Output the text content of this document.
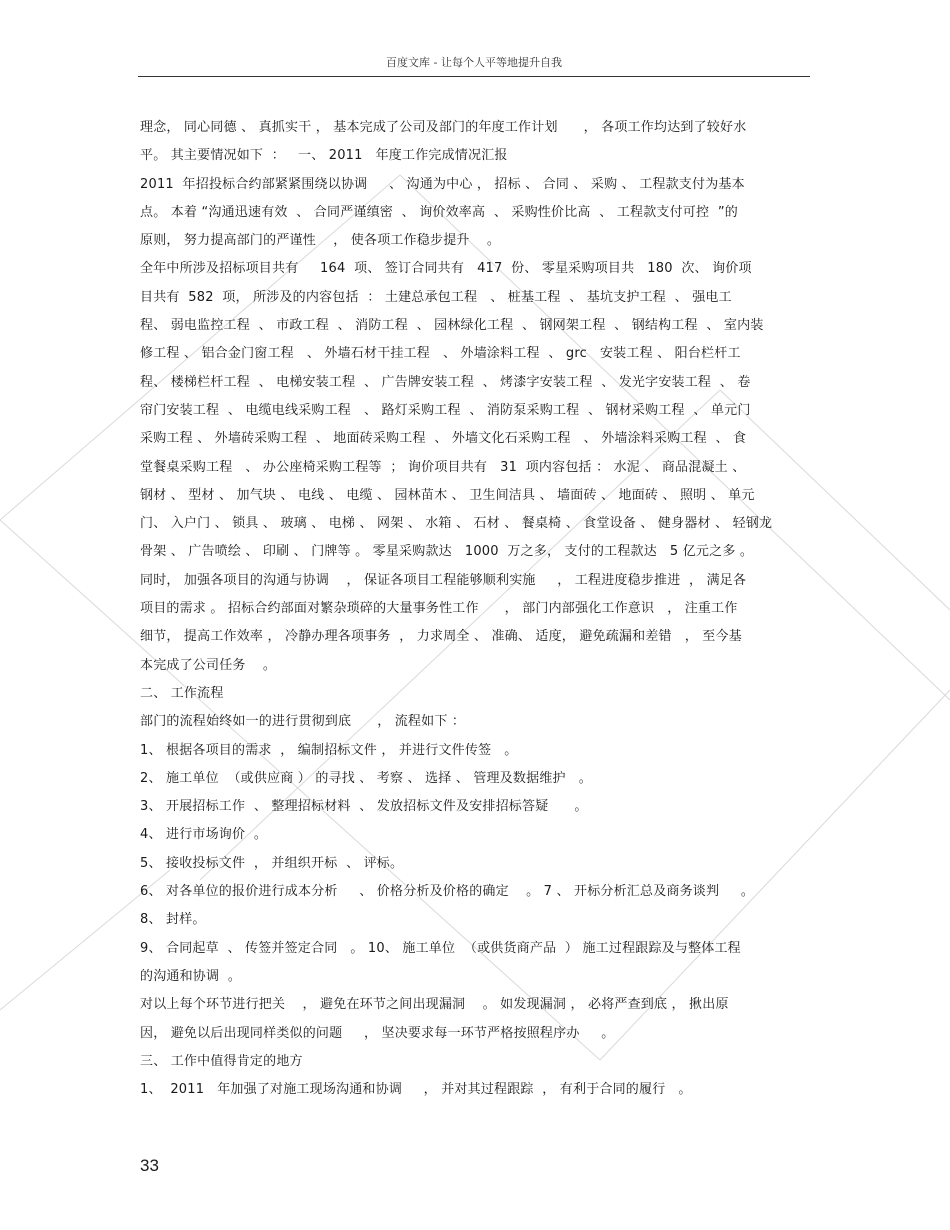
百度文库 - 让每个人平等地提升自我
理念， 同心同德 、 真抓实干 ， 基本完成了公司及部门的年度工作计划      ， 各项工作均达到了较好水
平。 其主要情况如下  ：   一、 2011   年度工作完成情况汇报
2011  年招投标合约部紧紧围绕以协调     、 沟通为中心 ， 招标 、 合同 、 采购 、 工程款支付为基本
点。 本着 “沟通迅速有效  、 合同严谨缜密  、 询价效率高  、 采购性价比高  、 工程款支付可控  ”的
原则， 努力提高部门的严谨性    ， 使各项工作稳步提升    。
全年中所涉及招标项目共有     164  项、 签订合同共有   417  份、 零星采购项目共   180  次、 询价项
目共有  582  项， 所涉及的内容包括  ： 土建总承包工程   、 桩基工程  、 基坑支护工程  、 强电工
程、 弱电监控工程  、 市政工程  、 消防工程  、 园林绿化工程  、 钢网架工程  、 钢结构工程  、 室内装
修工程 、 铝合金门窗工程   、 外墙石材干挂工程   、 外墙涂料工程  、 grc   安装工程 、 阳台栏杆工
程、 楼梯栏杆工程  、 电梯安装工程  、 广告牌安装工程  、 烤漆字安装工程  、 发光字安装工程  、 卷
帘门安装工程  、 电缆电线采购工程   、 路灯采购工程  、 消防泵采购工程  、 钢材采购工程  、 单元门
采购工程 、 外墙砖采购工程  、 地面砖采购工程  、 外墙文化石采购工程   、 外墙涂料采购工程  、 食
堂餐桌采购工程   、 办公座椅采购工程等  ； 询价项目共有   31  项内容包括 ： 水泥 、 商品混凝土 、
钢材 、 型材 、 加气块 、 电线 、 电缆 、 园林苗木 、 卫生间洁具 、 墙面砖 、 地面砖 、 照明 、 单元
门、 入户门 、 锁具 、 玻璃 、 电梯 、 网架 、 水箱 、 石材 、 餐桌椅 、 食堂设备 、 健身器材 、 轻钢龙
骨架 、 广告喷绘 、 印刷 、 门牌等 。 零星采购款达   1000  万之多， 支付的工程款达   5 亿元之多 。
同时， 加强各项目的沟通与协调    ， 保证各项目工程能够顺利实施     ， 工程进度稳步推进  ， 满足各
项目的需求 。 招标合约部面对繁杂琐碎的大量事务性工作      ， 部门内部强化工作意识   ， 注重工作
细节， 提高工作效率 ， 冷静办理各项事务  ， 力求周全 、 准确、 适度， 避免疏漏和差错   ， 至今基
本完成了公司任务    。
二、 工作流程
部门的流程始终如一的进行贯彻到底      ， 流程如下 ：
1、 根据各项目的需求  ， 编制招标文件 ， 并进行文件传签   。
2、 施工单位  （或供应商 ） 的寻找 、 考察 、 选择 、 管理及数据维护   。
3、 开展招标工作  、 整理招标材料  、 发放招标文件及安排招标答疑      。
4、 进行市场询价  。
5、 接收投标文件  ， 并组织开标  、 评标。
6、 对各单位的报价进行成本分析     、 价格分析及价格的确定    。 7 、 开标分析汇总及商务谈判     。
8、 封样。
9、 合同起草  、 传签并签定合同   。 10、 施工单位  （或供货商产品  ） 施工过程跟踪及与整体工程
的沟通和协调  。
对以上每个环节进行把关    ， 避免在环节之间出现漏洞    。 如发现漏洞 ， 必将严查到底 ， 揪出原
因， 避免以后出现同样类似的问题     ， 坚决要求每一环节严格按照程序办     。
三、 工作中值得肯定的地方
1、  2011   年加强了对施工现场沟通和协调     ， 并对其过程跟踪  ， 有利于合同的履行   。
33
